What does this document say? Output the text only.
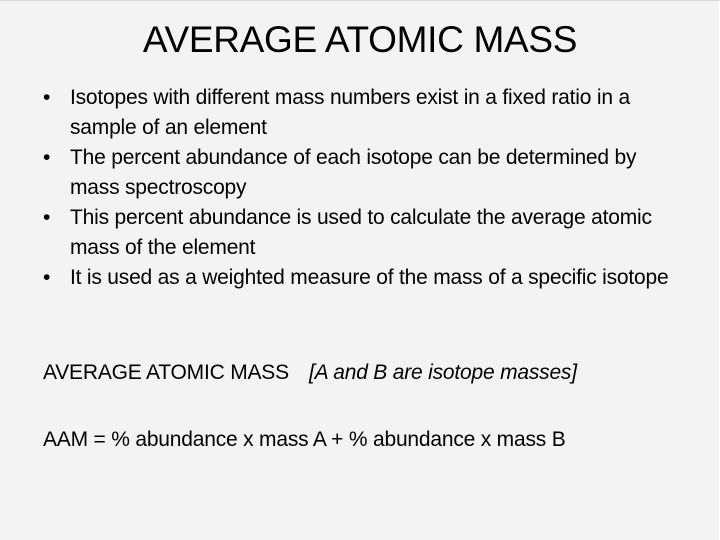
AVERAGE ATOMIC MASS
• Isotopes with different mass numbers exist in a fixed ratio in a sample of an element
• The percent abundance of each isotope can be determined by mass spectroscopy
• This percent abundance is used to calculate the average atomic mass of the element
• It is used as a weighted measure of the mass of a specific isotope
AVERAGE ATOMIC MASS [A and B are isotope masses]
AAM = % abundance x mass A + % abundance x mass B
